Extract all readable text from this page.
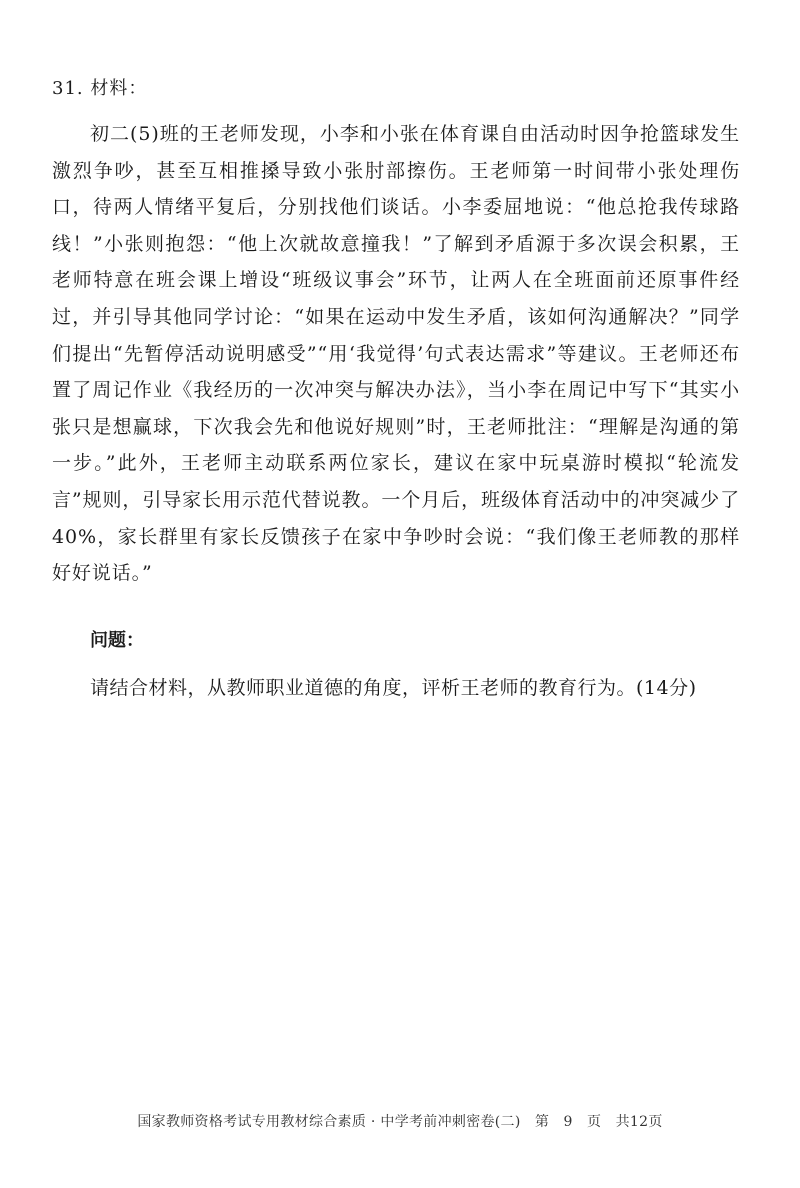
31. 材料：

初二(5)班的王老师发现，小李和小张在体育课自由活动时因争抢篮球发生激烈争吵，甚至互相推搡导致小张肘部擦伤。王老师第一时间带小张处理伤口，待两人情绪平复后，分别找他们谈话。小李委屈地说：“他总抢我传球路线！”小张则抱怨：“他上次就故意撞我！”了解到矛盾源于多次误会积累，王老师特意在班会课上增设“班级议事会”环节，让两人在全班面前还原事件经过，并引导其他同学讨论：“如果在运动中发生矛盾，该如何沟通解决？”同学们提出“先暂停活动说明感受”“用‘我觉得’句式表达需求”等建议。王老师还布置了周记作业《我经历的一次冲突与解决办法》，当小李在周记中写下“其实小张只是想赢球，下次我会先和他说好规则”时，王老师批注：“理解是沟通的第一步。”此外，王老师主动联系两位家长，建议在家中玩桌游时模拟“轮流发言”规则，引导家长用示范代替说教。一个月后，班级体育活动中的冲突减少了40%，家长群里有家长反馈孩子在家中争吵时会说：“我们像王老师教的那样好好说话。”

问题：
请结合材料，从教师职业道德的角度，评析王老师的教育行为。(14分)
国家教师资格考试专用教材综合素质 · 中学考前冲刺密卷(二)　第　9　页　共12页
